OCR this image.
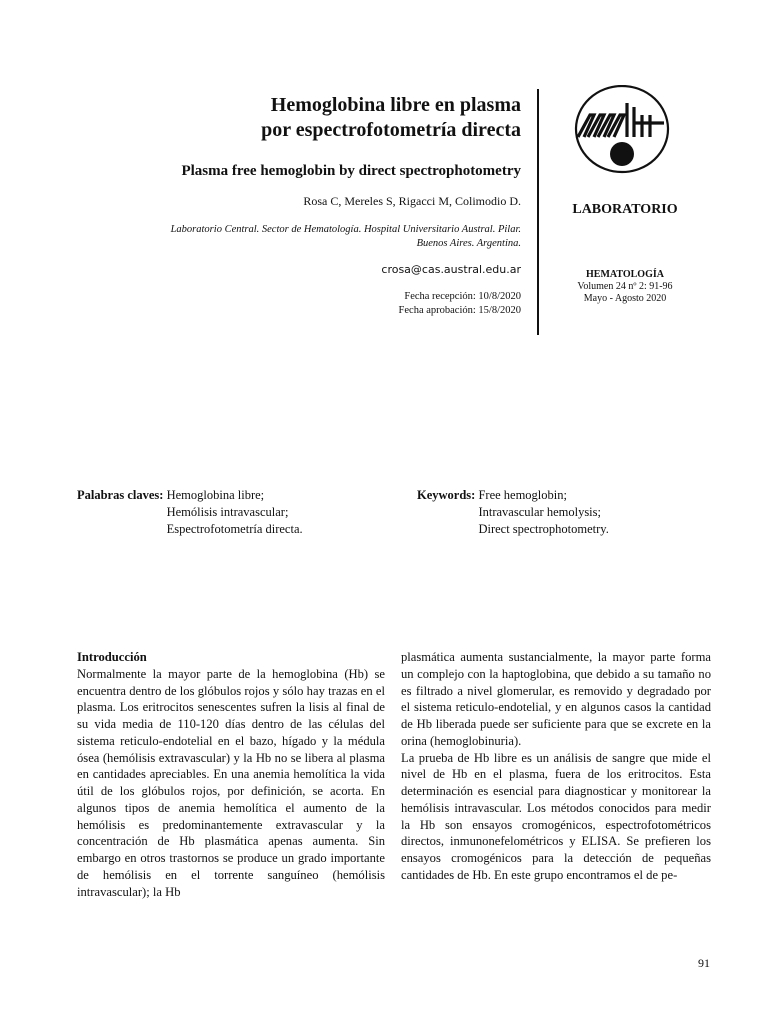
Hemoglobina libre en plasma
por espectrofotometría directa
Plasma free hemoglobin by direct spectrophotometry
Rosa C, Mereles S, Rigacci M, Colimodio D.
Laboratorio Central. Sector de Hematología. Hospital Universitario Austral. Pilar.
Buenos Aires. Argentina.
crosa@cas.austral.edu.ar
Fecha recepción: 10/8/2020
Fecha aprobación: 15/8/2020
LABORATORIO
HEMATOLOGÍA
Volumen 24 nº 2: 91-96
Mayo - Agosto 2020
Palabras claves: Hemoglobina libre;
Hemólisis intravascular;
Espectrofotometría directa.
Keywords: Free hemoglobin;
Intravascular hemolysis;
Direct spectrophotometry.
Introducción

Normalmente la mayor parte de la hemoglobina (Hb) se encuentra dentro de los glóbulos rojos y sólo hay trazas en el plasma. Los eritrocitos senescentes sufren la lisis al final de su vida media de 110-120 días dentro de las células del sistema reticulo-endotelial en el bazo, hígado y la médula ósea (hemólisis extravascular) y la Hb no se libera al plasma en cantidades apreciables. En una anemia hemolítica la vida útil de los glóbulos rojos, por definición, se acorta. En algunos tipos de anemia hemolítica el aumento de la hemólisis es predominantemente extravascular y la concentración de Hb plasmática apenas aumenta. Sin embargo en otros trastornos se produce un grado importante de hemólisis en el torrente sanguíneo (hemólisis intravascular); la Hb

plasmática aumenta sustancialmente, la mayor parte forma un complejo con la haptoglobina, que debido a su tamaño no es filtrado a nivel glomerular, es removido y degradado por el sistema reticulo-endotelial, y en algunos casos la cantidad de Hb liberada puede ser suficiente para que se excrete en la orina (hemoglobinuria).

La prueba de Hb libre es un análisis de sangre que mide el nivel de Hb en el plasma, fuera de los eritrocitos. Esta determinación es esencial para diagnosticar y monitorear la hemólisis intravascular. Los métodos conocidos para medir la Hb son ensayos cromogénicos, espectrofotométricos directos, inmunonefelométricos y ELISA. Se prefieren los ensayos cromogénicos para la detección de pequeñas cantidades de Hb. En este grupo encontramos el de pe-

91
